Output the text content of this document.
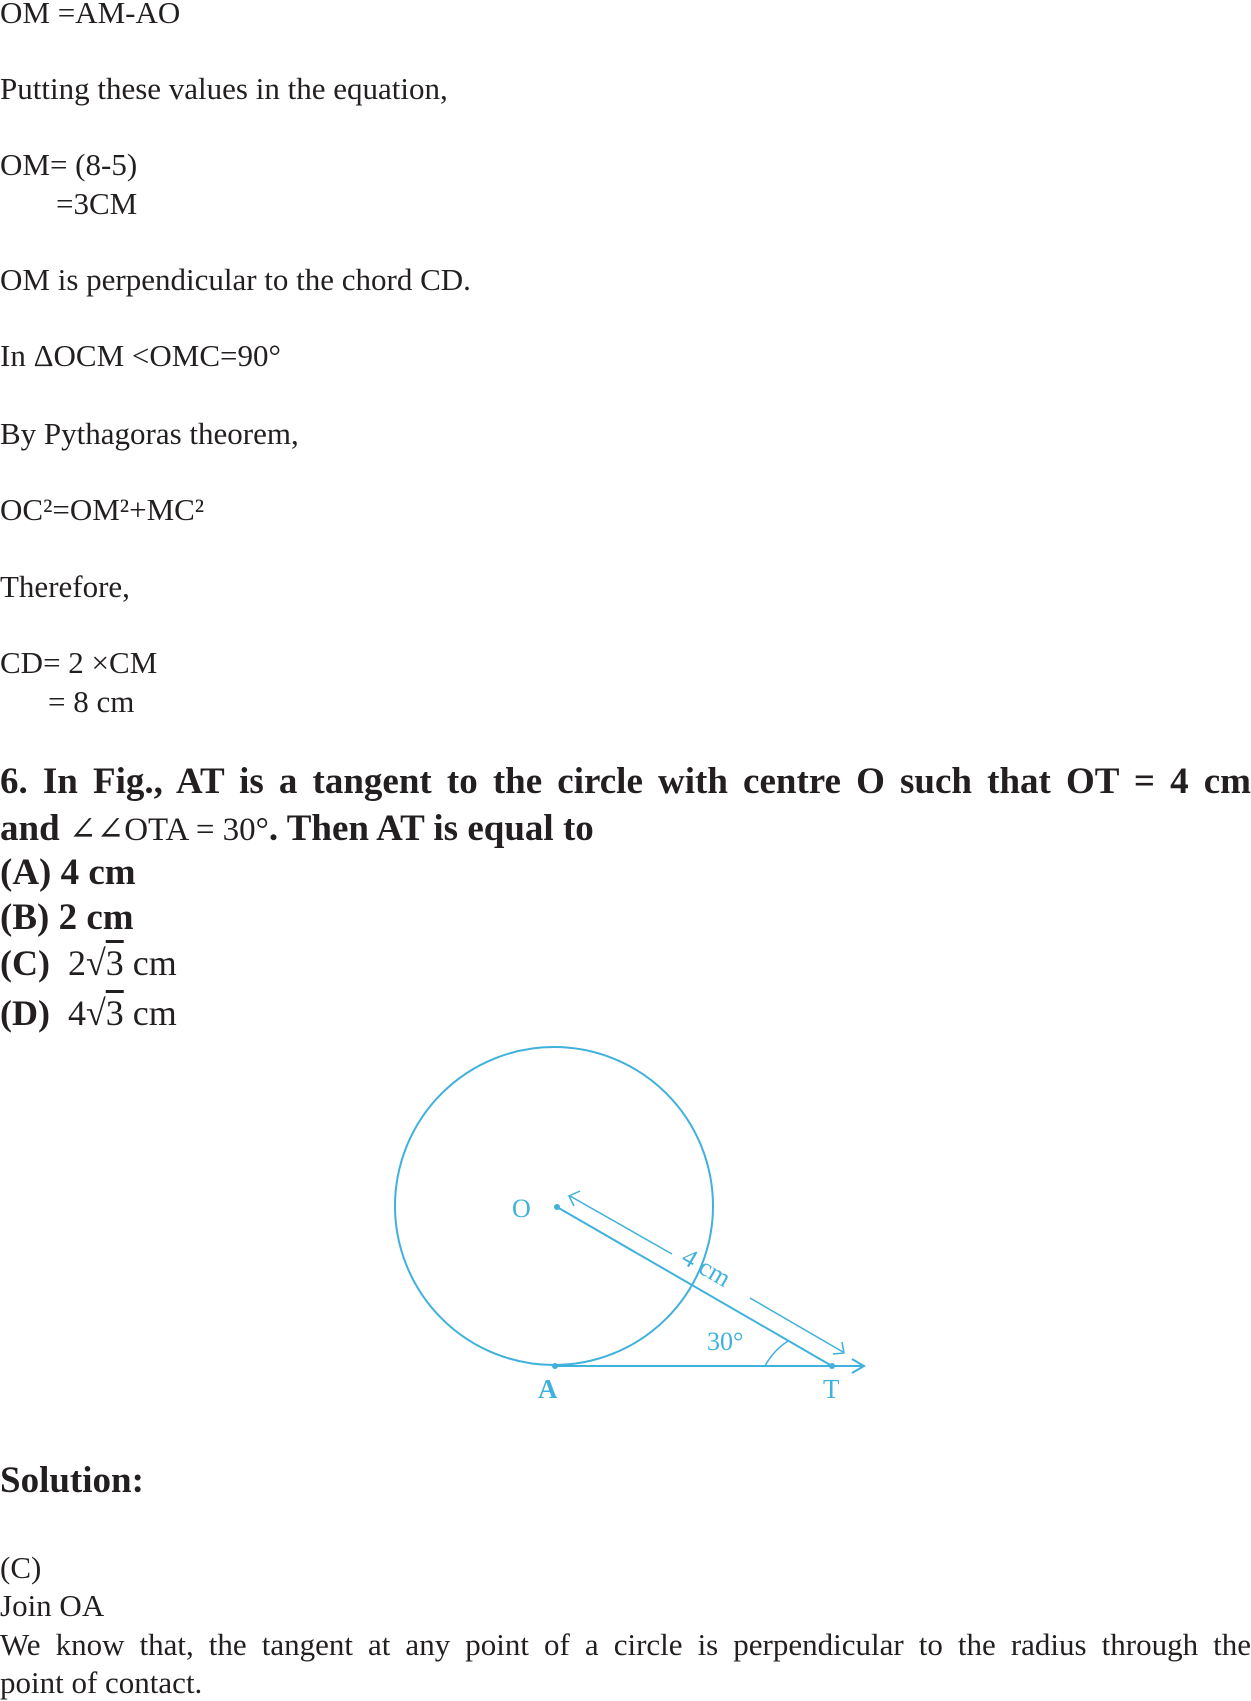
OM =AM-AO
Putting these values in the equation,
OM= (8-5)
=3CM
OM is perpendicular to the chord CD.
In ΔOCM <OMC=90°
By Pythagoras theorem,
OC²=OM²+MC²
Therefore,
CD= 2 ×CM
= 8 cm
6. In Fig., AT is a tangent to the circle with centre O such that OT = 4 cm
and ∠∠OTA = 30°. Then AT is equal to
(A) 4 cm
(B) 2 cm
(C) 2√3 cm
(D) 4√3 cm
O
A	T
4 cm
30°
Solution:
(C)
Join OA
We know that, the tangent at any point of a circle is perpendicular to the radius through the
point of contact.
